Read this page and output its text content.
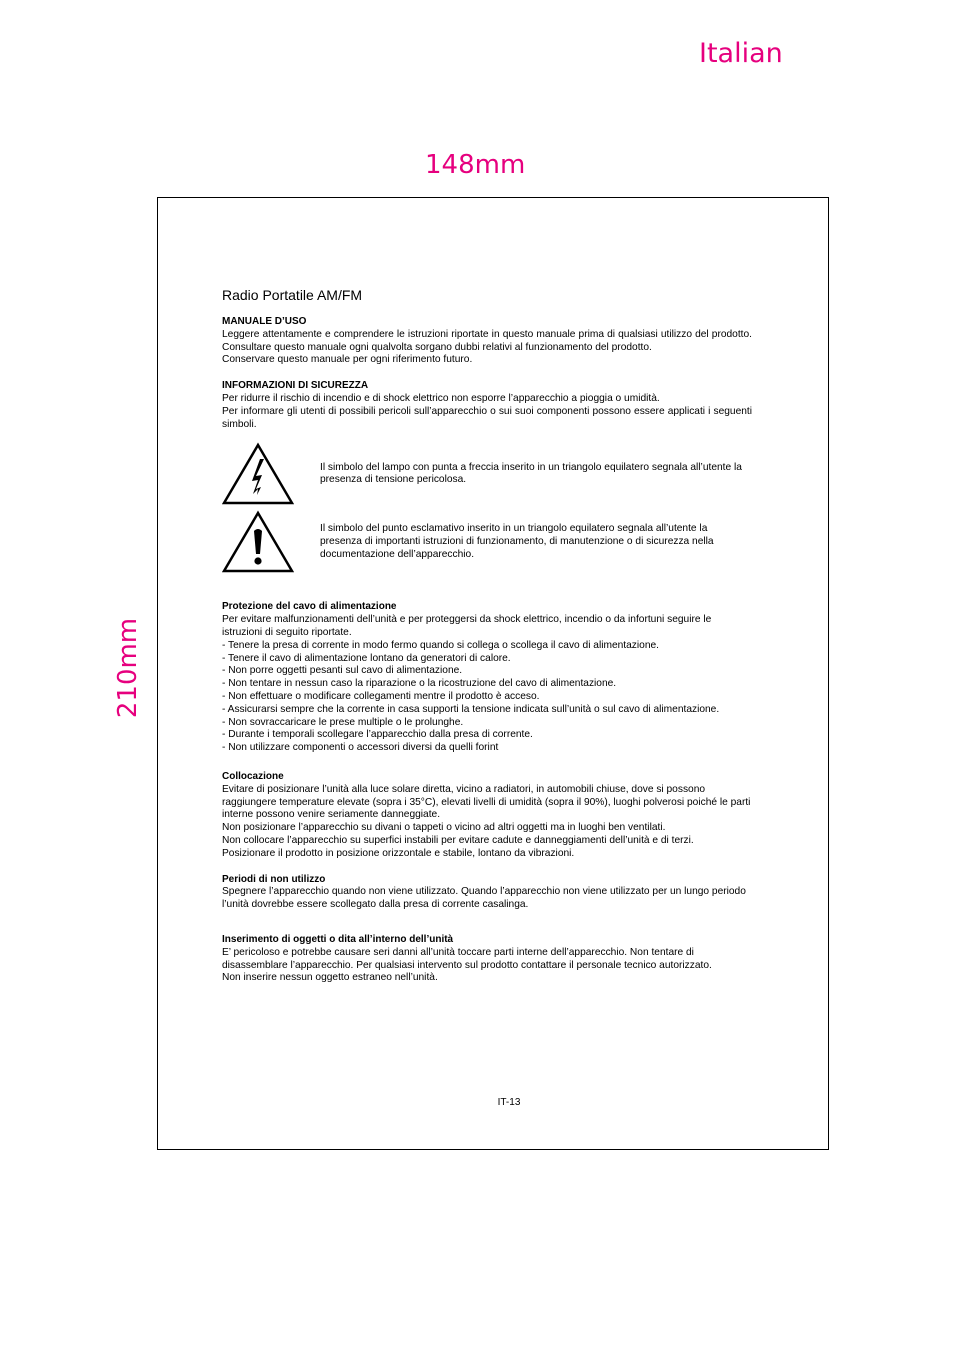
Italian
148mm
210mm
Radio Portatile AM/FM

MANUALE D’USO

Leggere attentamente e comprendere le istruzioni riportate in questo manuale prima di qualsiasi utilizzo del prodotto. Consultare questo manuale ogni qualvolta sorgano dubbi relativi al funzionamento del prodotto.

Conservare questo manuale per ogni riferimento futuro.

INFORMAZIONI DI SICUREZZA

Per ridurre il rischio di incendio e di shock elettrico non esporre l’apparecchio a pioggia o umidità.

Per informare gli utenti di possibili pericoli sull’apparecchio o sui suoi componenti possono essere applicati i seguenti simboli.

Il simbolo del lampo con punta a freccia inserito in un triangolo equilatero segnala all’utente la presenza di tensione pericolosa.

Il simbolo del punto esclamativo inserito in un triangolo equilatero segnala all’utente la presenza di importanti istruzioni di funzionamento, di manutenzione o di sicurezza nella documentazione dell’apparecchio.

Protezione del cavo di alimentazione

Per evitare malfunzionamenti dell’unità e per proteggersi da shock elettrico, incendio o da infortuni seguire le istruzioni di seguito riportate.

- Tenere la presa di corrente in modo fermo quando si collega o scollega il cavo di alimentazione.

- Tenere il cavo di alimentazione lontano da generatori di calore.

- Non porre oggetti pesanti sul cavo di alimentazione.

- Non tentare in nessun caso la riparazione o la ricostruzione del cavo di alimentazione.

- Non effettuare o modificare collegamenti mentre il prodotto è acceso.

- Assicurarsi sempre che la corrente in casa supporti la tensione indicata sull’unità o sul cavo di alimentazione.

- Non sovraccaricare le prese multiple o le prolunghe.

- Durante i temporali scollegare l’apparecchio dalla presa di corrente.

- Non utilizzare componenti o accessori diversi da quelli forint

Collocazione

Evitare di posizionare l’unità alla luce solare diretta, vicino a radiatori, in automobili chiuse, dove si possono raggiungere temperature elevate (sopra i 35°C), elevati livelli di umidità (sopra il 90%), luoghi polverosi poiché le parti interne possono venire seriamente danneggiate.

Non posizionare l’apparecchio su divani o tappeti o vicino ad altri oggetti ma in luoghi ben ventilati.

Non collocare l’apparecchio su superfici instabili per evitare cadute e danneggiamenti dell’unità e di terzi.

Posizionare il prodotto in posizione orizzontale e stabile, lontano da vibrazioni.

Periodi di non utilizzo

Spegnere l’apparecchio quando non viene utilizzato. Quando l’apparecchio non viene utilizzato per un lungo periodo l’unità dovrebbe essere scollegato dalla presa di corrente casalinga.

Inserimento di oggetti o dita all’interno dell’unità

E’ pericoloso e potrebbe causare seri danni all’unità toccare parti interne dell’apparecchio. Non tentare di disassemblare l’apparecchio. Per qualsiasi intervento sul prodotto contattare il personale tecnico autorizzato.

Non inserire nessun oggetto estraneo nell’unità.

IT-13
